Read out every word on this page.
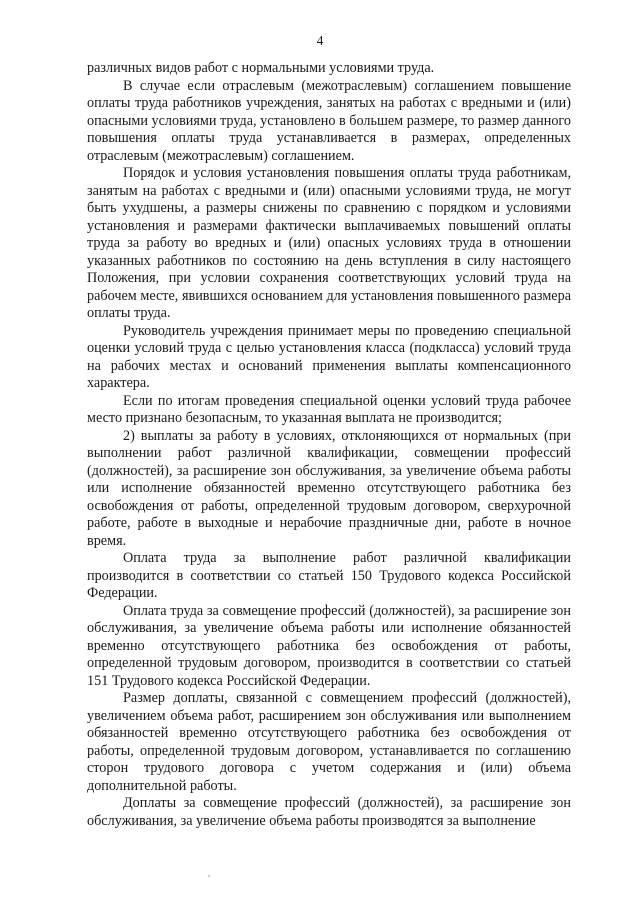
4

различных видов работ с нормальными условиями труда.

В случае если отраслевым (межотраслевым) соглашением повышение оплаты труда работников учреждения, занятых на работах с вредными и (или) опасными условиями труда, установлено в большем размере, то размер данного повышения оплаты труда устанавливается в размерах, определенных отраслевым (межотраслевым) соглашением.

Порядок и условия установления повышения оплаты труда работникам, занятым на работах с вредными и (или) опасными условиями труда, не могут быть ухудшены, а размеры снижены по сравнению с порядком и условиями установления и размерами фактически выплачиваемых повышений оплаты труда за работу во вредных и (или) опасных условиях труда в отношении указанных работников по состоянию на день вступления в силу настоящего Положения, при условии сохранения соответствующих условий труда на рабочем месте, явившихся основанием для установления повышенного размера оплаты труда.

Руководитель учреждения принимает меры по проведению специальной оценки условий труда с целью установления класса (подкласса) условий труда на рабочих местах и оснований применения выплаты компенсационного характера.

Если по итогам проведения специальной оценки условий труда рабочее место признано безопасным, то указанная выплата не производится;

2) выплаты за работу в условиях, отклоняющихся от нормальных (при выполнении работ различной квалификации, совмещении профессий (должностей), за расширение зон обслуживания, за увеличение объема работы или исполнение обязанностей временно отсутствующего работника без освобождения от работы, определенной трудовым договором, сверхурочной работе, работе в выходные и нерабочие праздничные дни, работе в ночное время.

Оплата труда за выполнение работ различной квалификации производится в соответствии со статьей 150 Трудового кодекса Российской Федерации.

Оплата труда за совмещение профессий (должностей), за расширение зон обслуживания, за увеличение объема работы или исполнение обязанностей временно отсутствующего работника без освобождения от работы, определенной трудовым договором, производится в соответствии со статьей 151 Трудового кодекса Российской Федерации.

Размер доплаты, связанной с совмещением профессий (должностей), увеличением объема работ, расширением зон обслуживания или выполнением обязанностей временно отсутствующего работника без освобождения от работы, определенной трудовым договором, устанавливается по соглашению сторон трудового договора с учетом содержания и (или) объема дополнительной работы.

Доплаты за совмещение профессий (должностей), за расширение зон обслуживания, за увеличение объема работы производятся за выполнение
